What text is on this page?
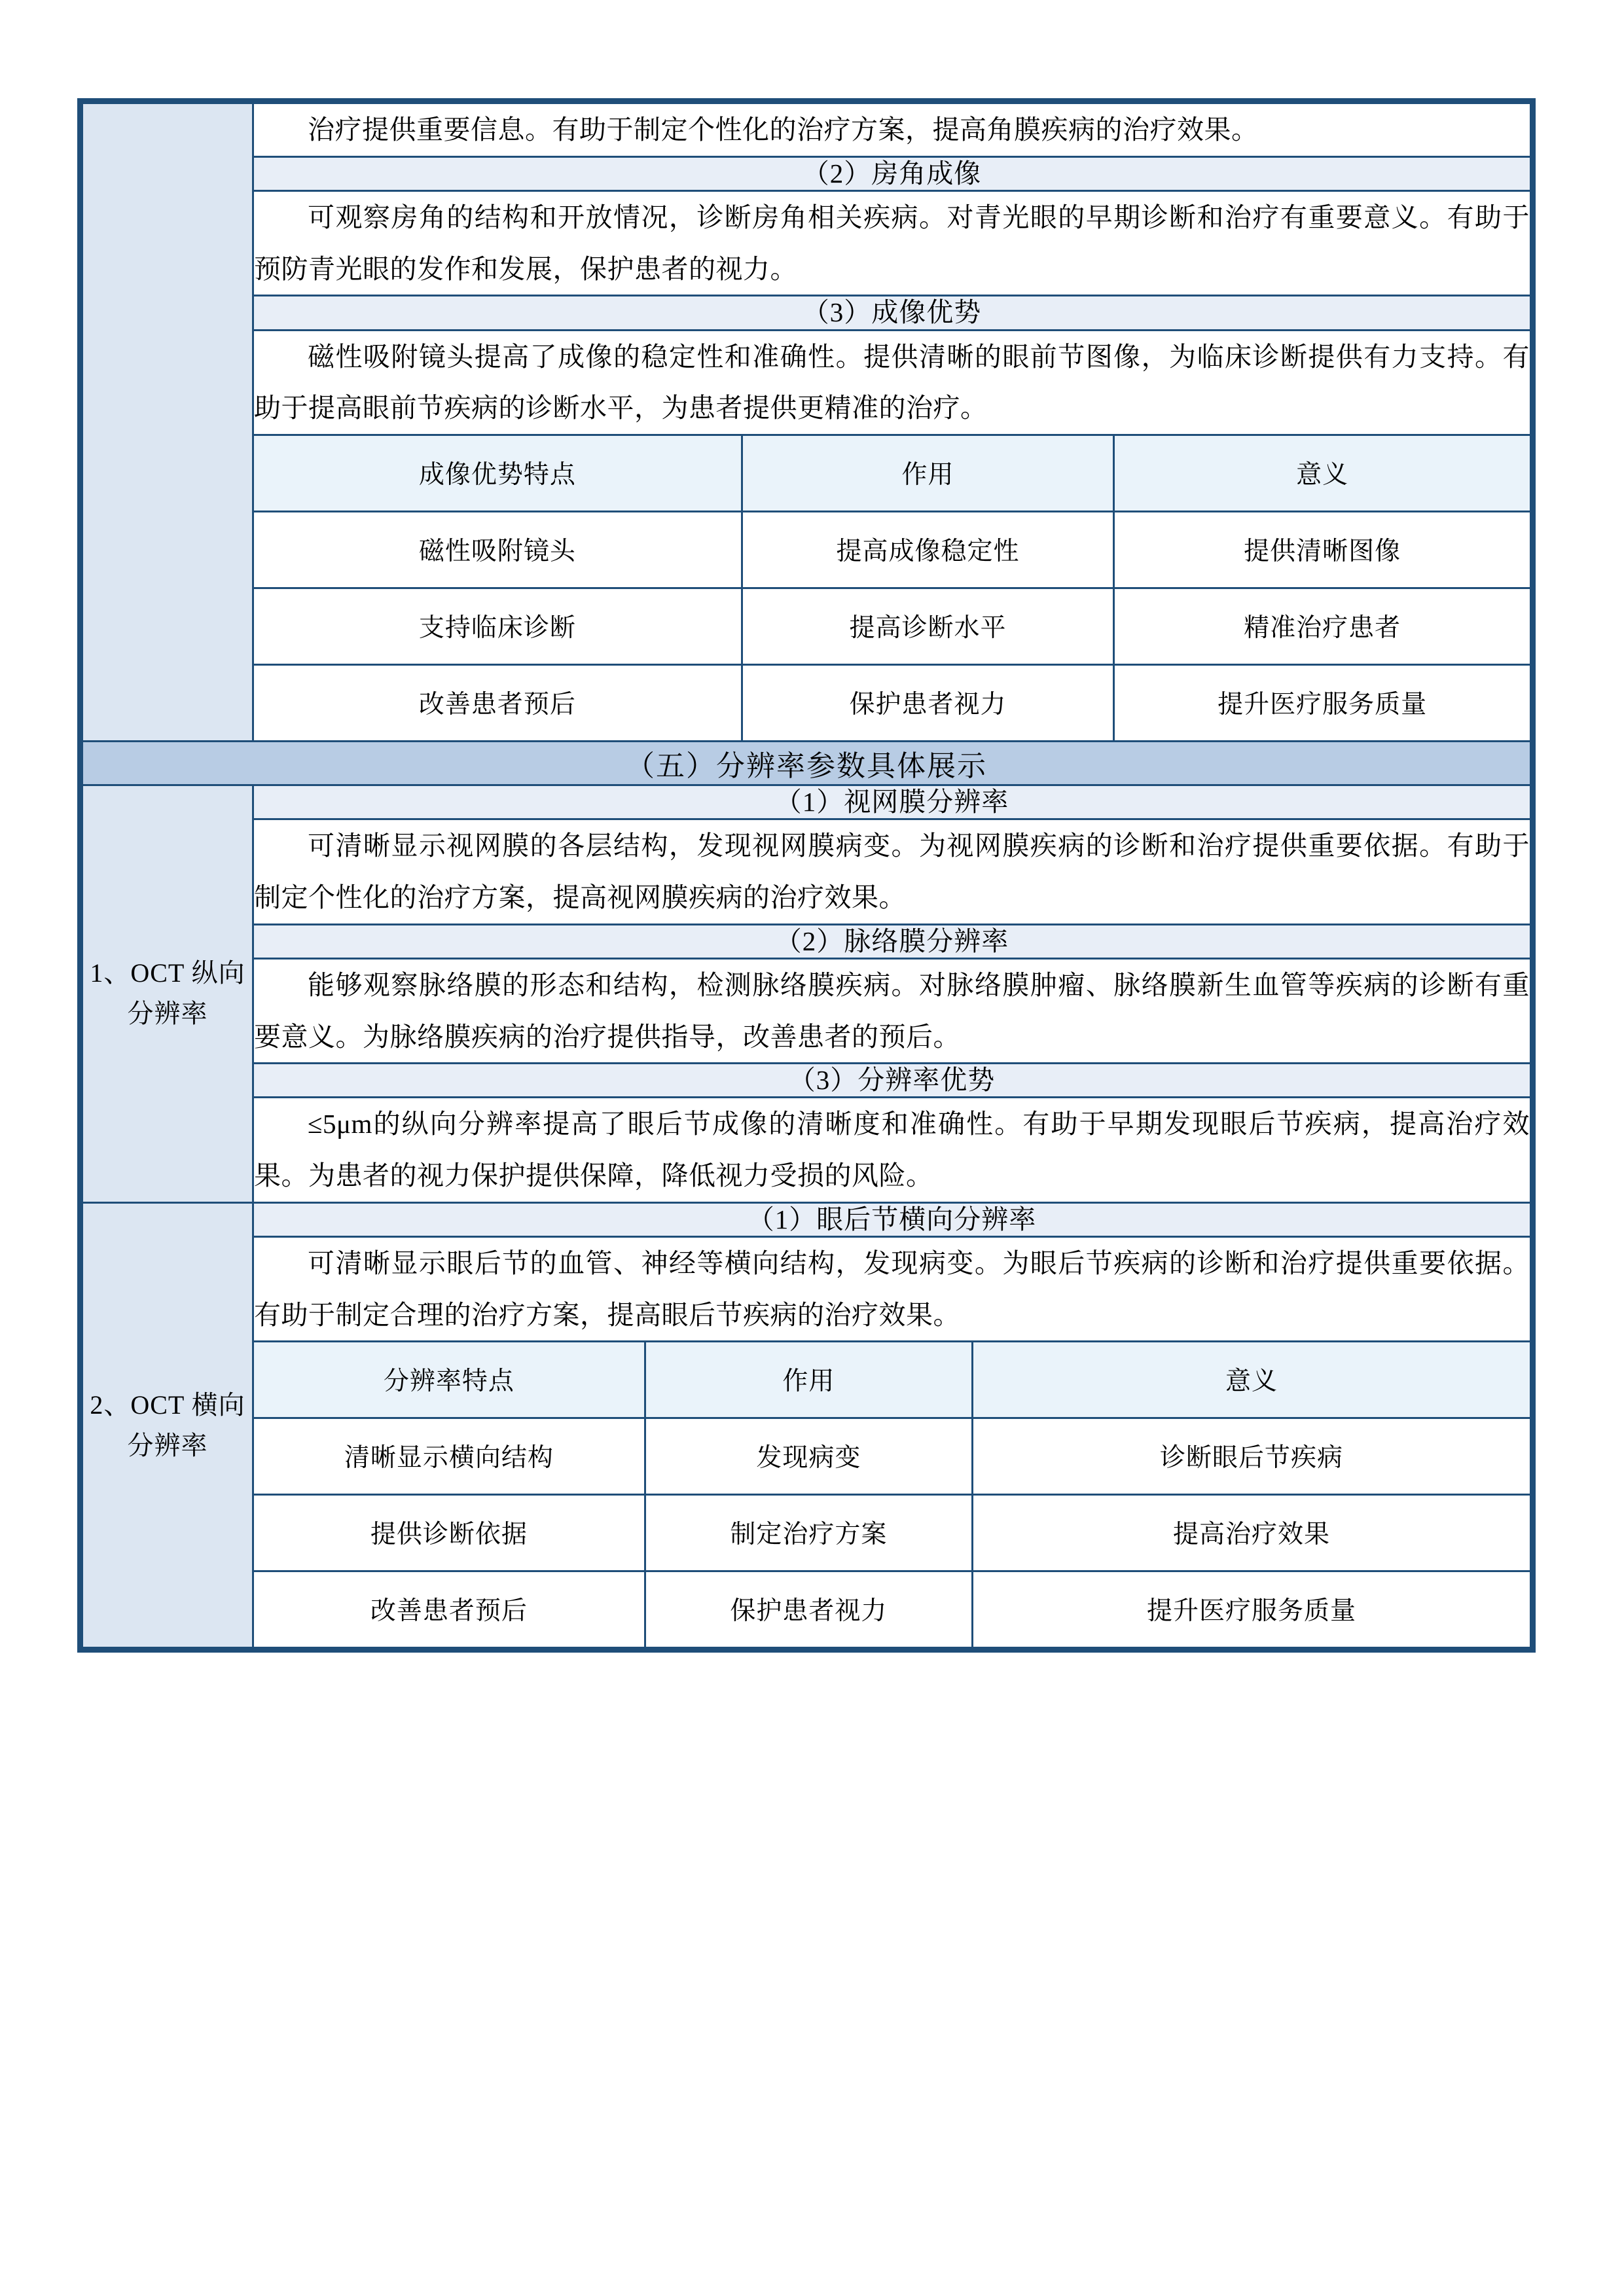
治疗提供重要信息。有助于制定个性化的治疗方案，提高角膜疾病的治疗效果。
（2）房角成像
可观察房角的结构和开放情况，诊断房角相关疾病。对青光眼的早期诊断和治疗有重要意义。有助于预防青光眼的发作和发展，保护患者的视力。
（3）成像优势
磁性吸附镜头提高了成像的稳定性和准确性。提供清晰的眼前节图像，为临床诊断提供有力支持。有助于提高眼前节疾病的诊断水平，为患者提供更精准的治疗。

成像优势特点	作用	意义
磁性吸附镜头	提高成像稳定性	提供清晰图像
支持临床诊断	提高诊断水平	精准治疗患者
改善患者预后	保护患者视力	提升医疗服务质量

（五）分辨率参数具体展示
1、OCT 纵向分辨率	
（1）视网膜分辨率
可清晰显示视网膜的各层结构，发现视网膜病变。为视网膜疾病的诊断和治疗提供重要依据。有助于制定个性化的治疗方案，提高视网膜疾病的治疗效果。
（2）脉络膜分辨率
能够观察脉络膜的形态和结构，检测脉络膜疾病。对脉络膜肿瘤、脉络膜新生血管等疾病的诊断有重要意义。为脉络膜疾病的治疗提供指导，改善患者的预后。
（3）分辨率优势
≤5μm的纵向分辨率提高了眼后节成像的清晰度和准确性。有助于早期发现眼后节疾病，提高治疗效果。为患者的视力保护提供保障，降低视力受损的风险。

2、OCT 横向分辨率	
（1）眼后节横向分辨率
可清晰显示眼后节的血管、神经等横向结构，发现病变。为眼后节疾病的诊断和治疗提供重要依据。有助于制定合理的治疗方案，提高眼后节疾病的治疗效果。

分辨率特点	作用	意义
清晰显示横向结构	发现病变	诊断眼后节疾病
提供诊断依据	制定治疗方案	提高治疗效果
改善患者预后	保护患者视力	提升医疗服务质量
